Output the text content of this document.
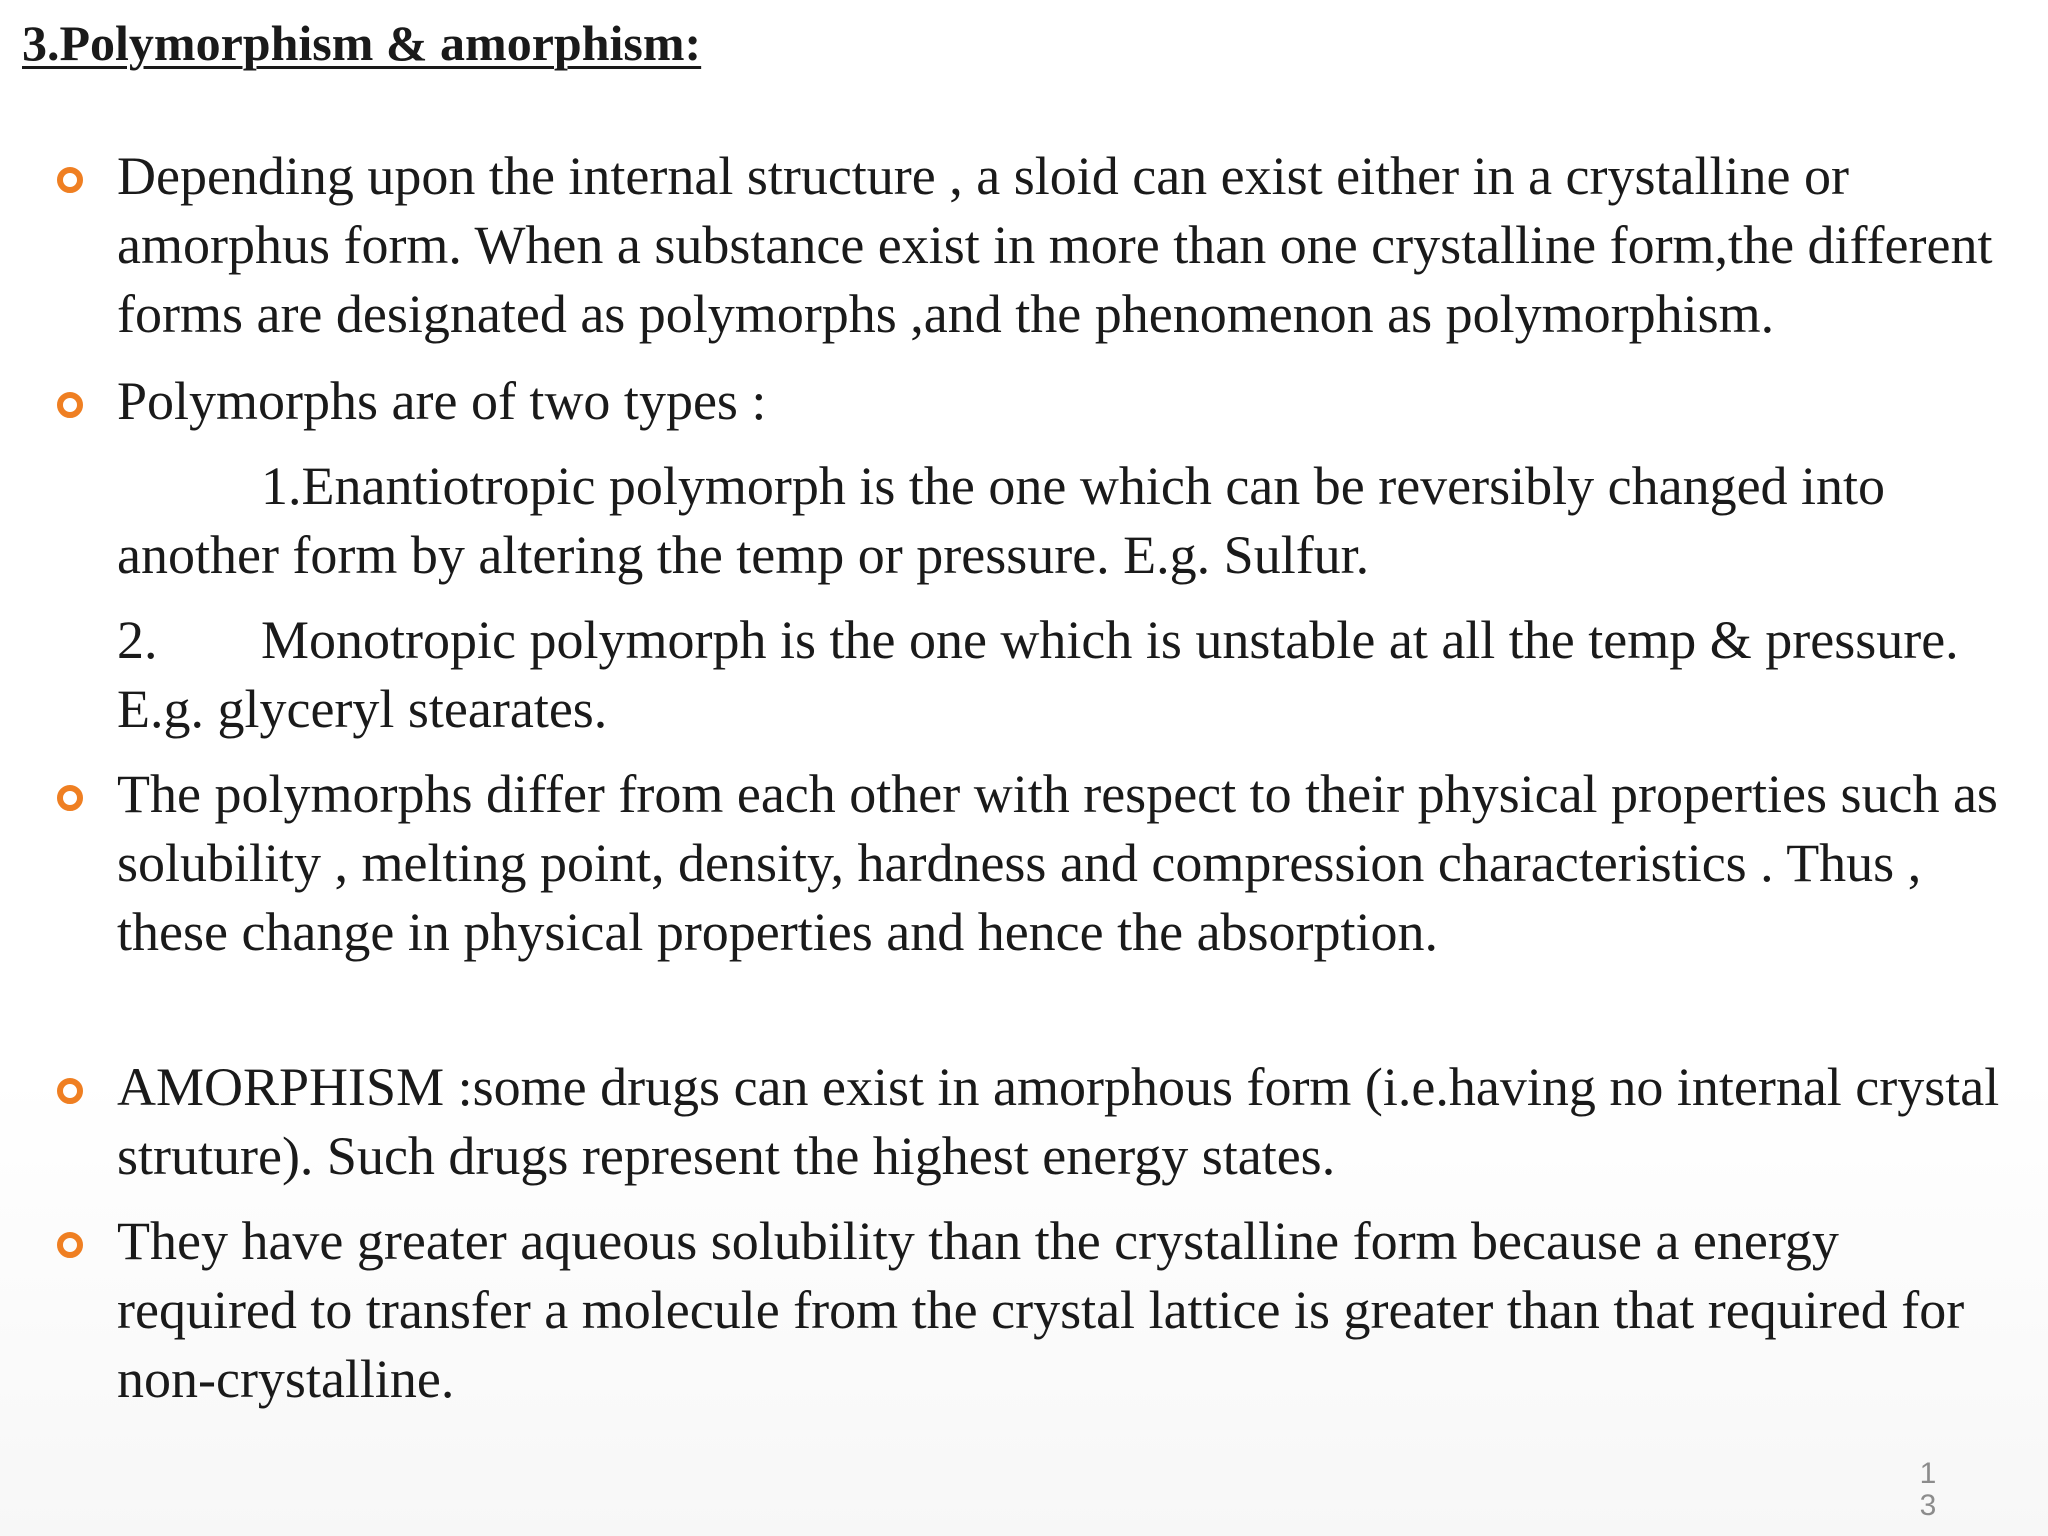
3.Polymorphism & amorphism:
Depending upon the internal structure , a sloid can exist either in a crystalline or amorphus form. When a substance exist in more than one crystalline form,the different forms are designated as polymorphs ,and the phenomenon as polymorphism.
Polymorphs are of two types :
1.Enantiotropic polymorph is the one which can be reversibly changed into another form by altering the temp or pressure. E.g. Sulfur.
2. Monotropic polymorph is the one which is unstable at all the temp & pressure. E.g. glyceryl stearates.
The polymorphs differ from each other with respect to their physical properties such as solubility , melting point, density, hardness and compression characteristics . Thus , these change in physical properties and hence the absorption.
AMORPHISM :some drugs can exist in amorphous form (i.e.having no internal crystal struture). Such drugs represent the highest energy states.
They have greater aqueous solubility than the crystalline form because a energy required to transfer a molecule from the crystal lattice is greater than that required for non-crystalline.
1
3
